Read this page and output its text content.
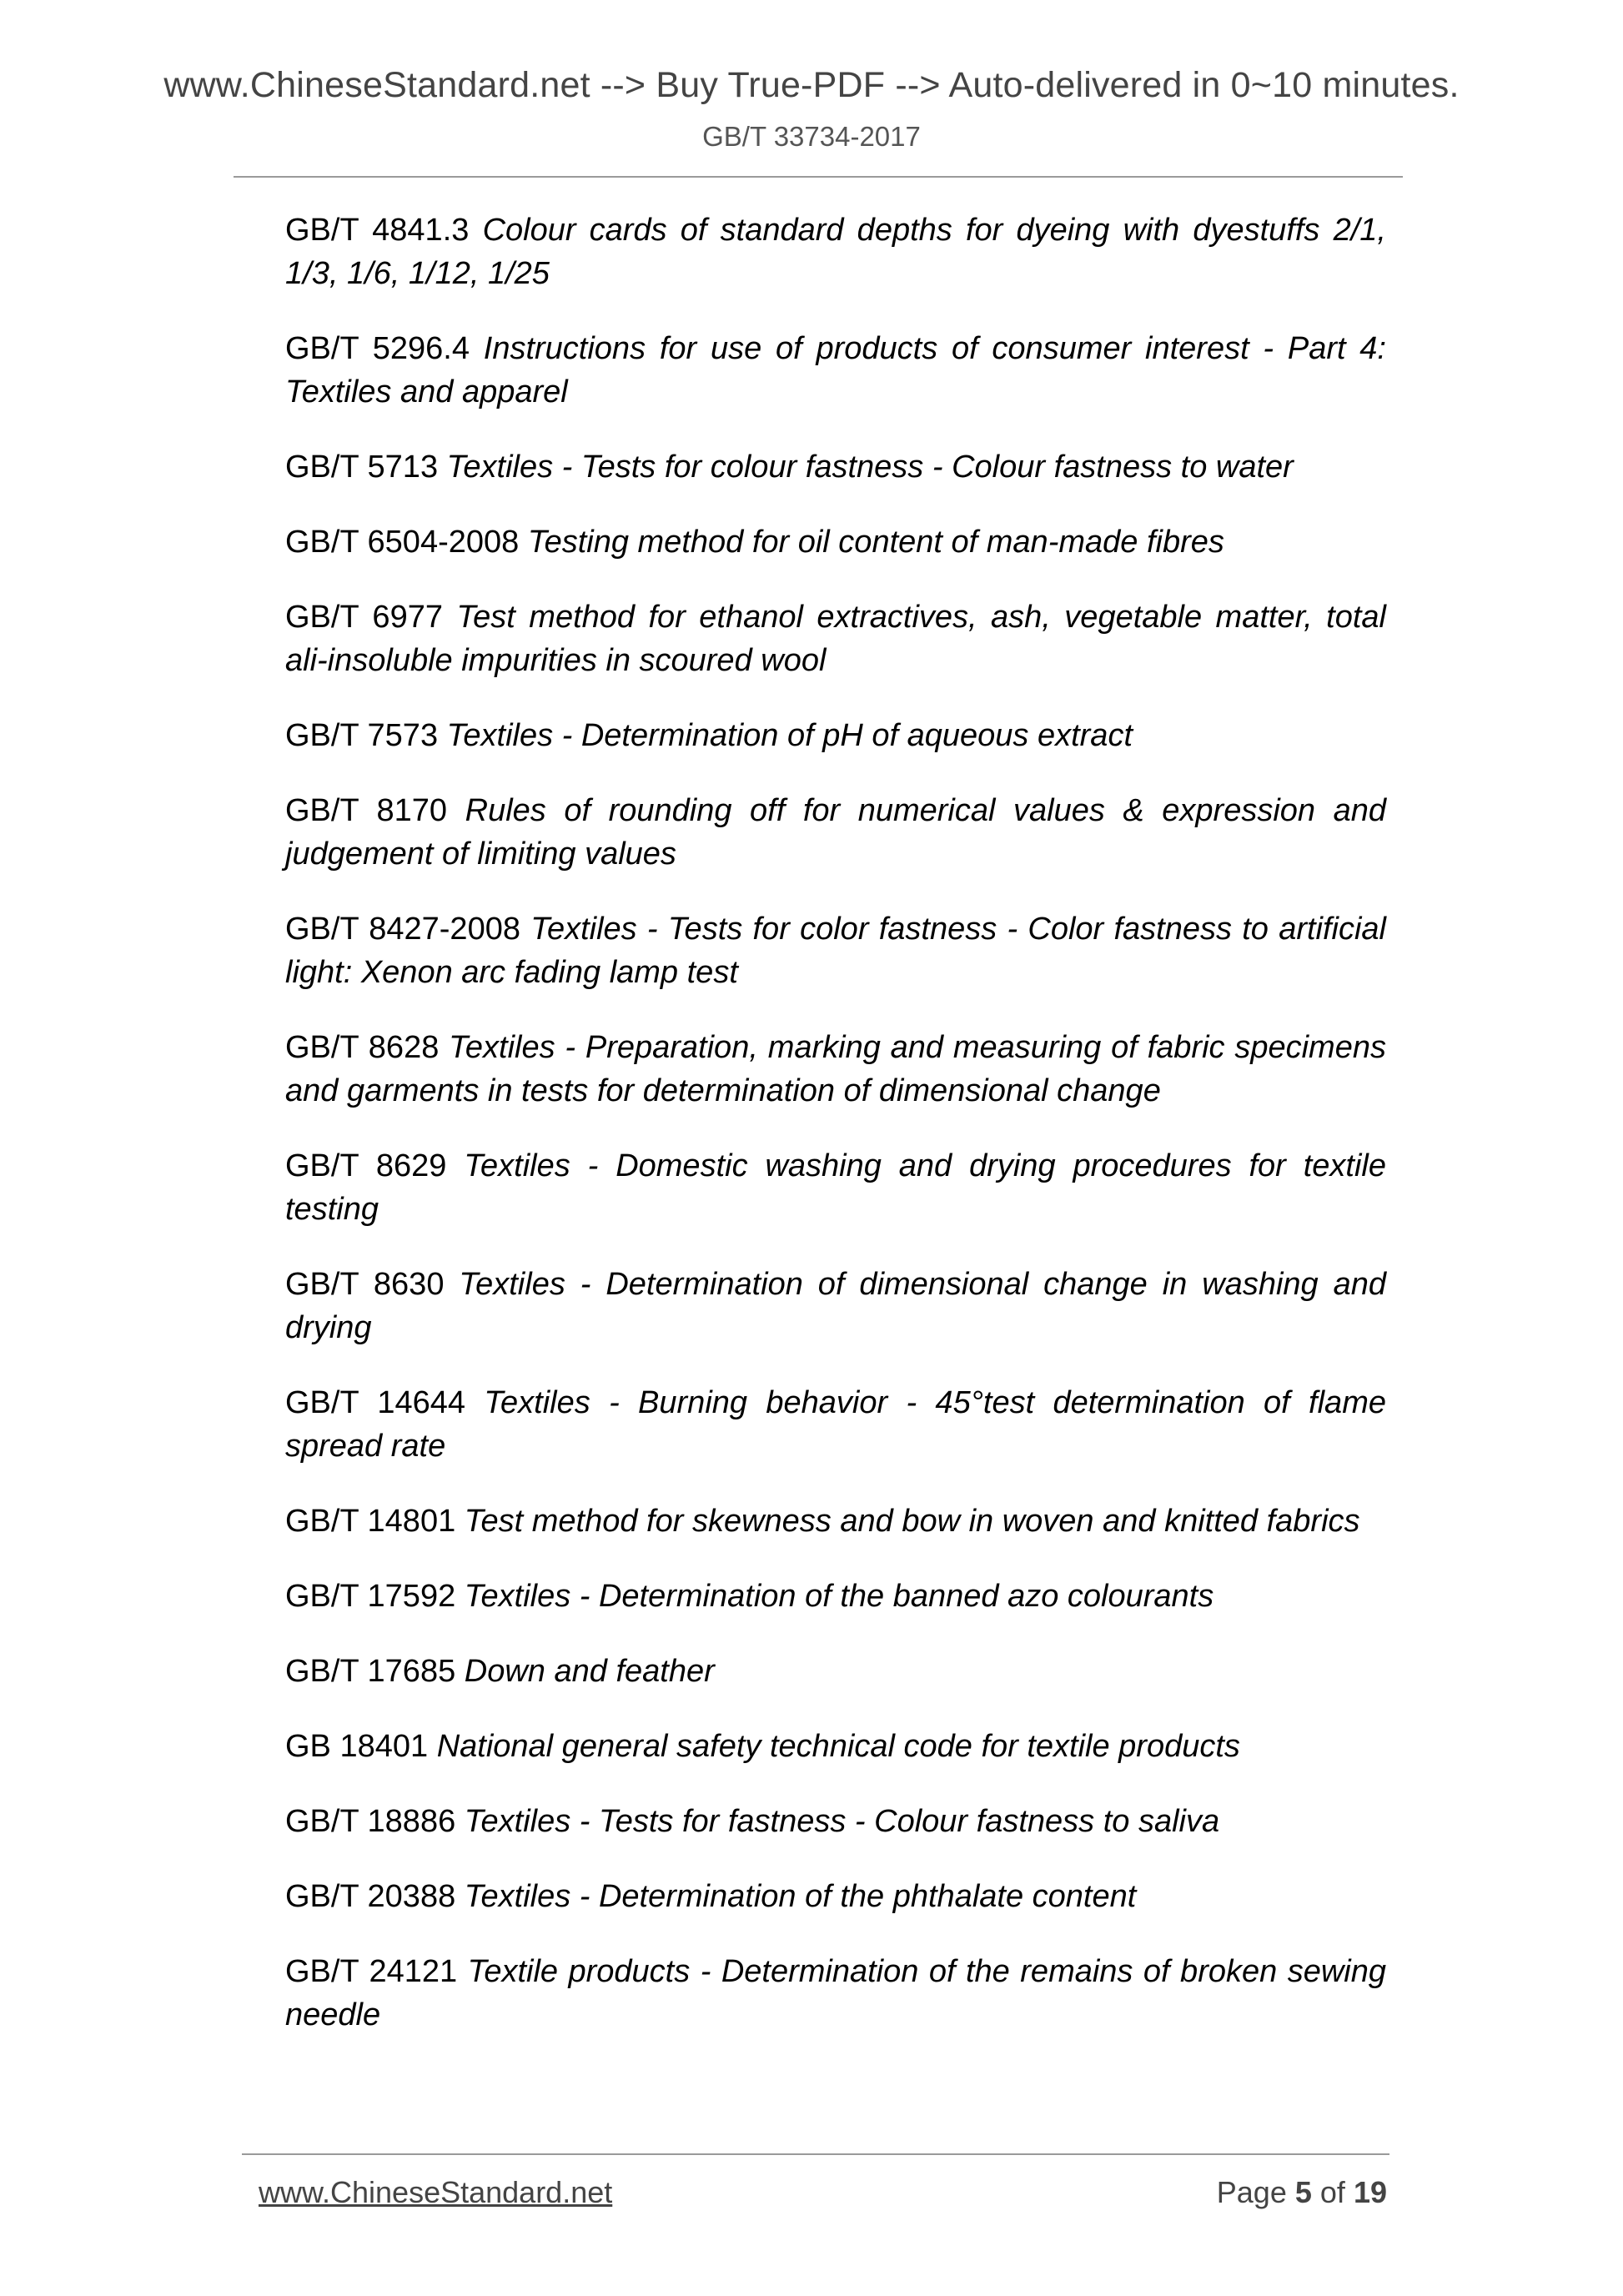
www.ChineseStandard.net --> Buy True-PDF --> Auto-delivered in 0~10 minutes.
GB/T 33734-2017

GB/T 4841.3 Colour cards of standard depths for dyeing with dyestuffs 2/1, 1/3, 1/6, 1/12, 1/25

GB/T 5296.4 Instructions for use of products of consumer interest - Part 4: Textiles and apparel

GB/T 5713 Textiles - Tests for colour fastness - Colour fastness to water

GB/T 6504-2008 Testing method for oil content of man-made fibres

GB/T 6977 Test method for ethanol extractives, ash, vegetable matter, total ali-insoluble impurities in scoured wool

GB/T 7573 Textiles - Determination of pH of aqueous extract

GB/T 8170 Rules of rounding off for numerical values & expression and judgement of limiting values

GB/T 8427-2008 Textiles - Tests for color fastness - Color fastness to artificial light: Xenon arc fading lamp test

GB/T 8628 Textiles - Preparation, marking and measuring of fabric specimens and garments in tests for determination of dimensional change

GB/T 8629 Textiles - Domestic washing and drying procedures for textile testing

GB/T 8630 Textiles - Determination of dimensional change in washing and drying

GB/T 14644 Textiles - Burning behavior - 45°test determination of flame spread rate

GB/T 14801 Test method for skewness and bow in woven and knitted fabrics

GB/T 17592 Textiles - Determination of the banned azo colourants

GB/T 17685 Down and feather

GB 18401 National general safety technical code for textile products

GB/T 18886 Textiles - Tests for fastness - Colour fastness to saliva

GB/T 20388 Textiles - Determination of the phthalate content

GB/T 24121 Textile products - Determination of the remains of broken sewing needle

www.ChineseStandard.net	Page 5 of 19
